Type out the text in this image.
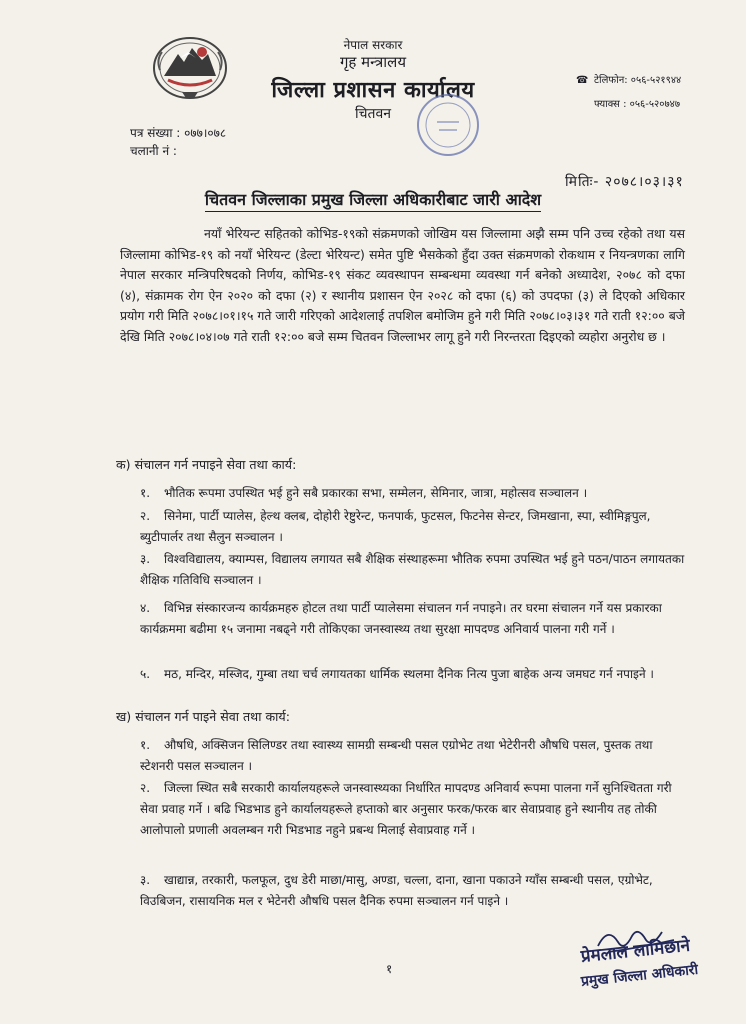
नेपाल सरकार
गृह मन्त्रालय
जिल्ला प्रशासन कार्यालय
चितवन
☎ टेलिफोन: ०५६-५२१९४४
फ्याक्स : ०५६-५२०७४७
पत्र संख्या : ०७७।०७८
चलानी नं :
मितिः- २०७८।०३।३१
चितवन जिल्लाका प्रमुख जिल्ला अधिकारीबाट जारी आदेश

नयाँ भेरियन्ट सहितको कोभिड-१९को संक्रमणको जोखिम यस जिल्लामा अझै सम्म पनि उच्च रहेको तथा यस जिल्लामा कोभिड-१९ को नयाँ भेरियन्ट (डेल्टा भेरियन्ट) समेत पुष्टि भैसकेको हुँदा उक्त संक्रमणको रोकथाम र नियन्त्रणका लागि नेपाल सरकार मन्त्रिपरिषदको निर्णय, कोभिड-१९ संकट व्यवस्थापन सम्बन्धमा व्यवस्था गर्न बनेको अध्यादेश, २०७८ को दफा (४), संक्रामक रोग ऐन २०२० को दफा (२) र स्थानीय प्रशासन ऐन २०२८ को दफा (६) को उपदफा (३) ले दिएको अधिकार प्रयोग गरी मिति २०७८।०१।१५ गते जारी गरिएको आदेशलाई तपशिल बमोजिम हुने गरी मिति २०७८।०३।३१ गते राती १२:०० बजे देखि मिति २०७८।०४।०७ गते राती १२:०० बजे सम्म चितवन जिल्लाभर लागू हुने गरी निरन्तरता दिइएको व्यहोरा अनुरोध छ ।

क) संचालन गर्न नपाइने सेवा तथा कार्य:
१. भौतिक रूपमा उपस्थित भई हुने सबै प्रकारका सभा, सम्मेलन, सेमिनार, जात्रा, महोत्सव सञ्चालन ।
२. सिनेमा, पार्टी प्यालेस, हेल्थ क्लब, दोहोरी रेष्टुरेन्ट, फनपार्क, फुटसल, फिटनेस सेन्टर, जिमखाना, स्पा, स्वीमिङ्गपुल, ब्युटीपार्लर तथा सैलुन सञ्चालन ।
३. विश्वविद्यालय, क्याम्पस, विद्यालय लगायत सबै शैक्षिक संस्थाहरूमा भौतिक रुपमा उपस्थित भई हुने पठन/पाठन लगायतका शैक्षिक गतिविधि सञ्चालन ।
४. विभिन्न संस्कारजन्य कार्यक्रमहरु होटल तथा पार्टी प्यालेसमा संचालन गर्न नपाइने। तर घरमा संचालन गर्ने यस प्रकारका कार्यक्रममा बढीमा १५ जनामा नबढ्ने गरी तोकिएका जनस्वास्थ्य तथा सुरक्षा मापदण्ड अनिवार्य पालना गरी गर्ने ।
५. मठ, मन्दिर, मस्जिद, गुम्बा तथा चर्च लगायतका धार्मिक स्थलमा दैनिक नित्य पुजा बाहेक अन्य जमघट गर्न नपाइने ।
ख) संचालन गर्न पाइने सेवा तथा कार्य:
१. औषधि, अक्सिजन सिलिण्डर तथा स्वास्थ्य सामग्री सम्बन्धी पसल एग्रोभेट तथा भेटेरीनरी औषधि पसल, पुस्तक तथा स्टेशनरी पसल सञ्चालन ।
२. जिल्ला स्थित सबै सरकारी कार्यालयहरूले जनस्वास्थ्यका निर्धारित मापदण्ड अनिवार्य रूपमा पालना गर्ने सुनिश्चितता गरी सेवा प्रवाह गर्ने । बढि भिडभाड हुने कार्यालयहरूले हप्ताको बार अनुसार फरक/फरक बार सेवाप्रवाह हुने स्थानीय तह तोकी आलोपालो प्रणाली अवलम्बन गरी भिडभाड नहुने प्रबन्ध मिलाई सेवाप्रवाह गर्ने ।
३. खाद्यान्न, तरकारी, फलफूल, दुध डेरी माछा/मासु, अण्डा, चल्ला, दाना, खाना पकाउने ग्याँस सम्बन्धी पसल, एग्रोभेट, विउबिजन, रासायनिक मल र भेटेनरी औषधि पसल दैनिक रुपमा सञ्चालन गर्न पाइने ।
प्रेमलाल लामिछाने
प्रमुख जिल्ला अधिकारी
१
